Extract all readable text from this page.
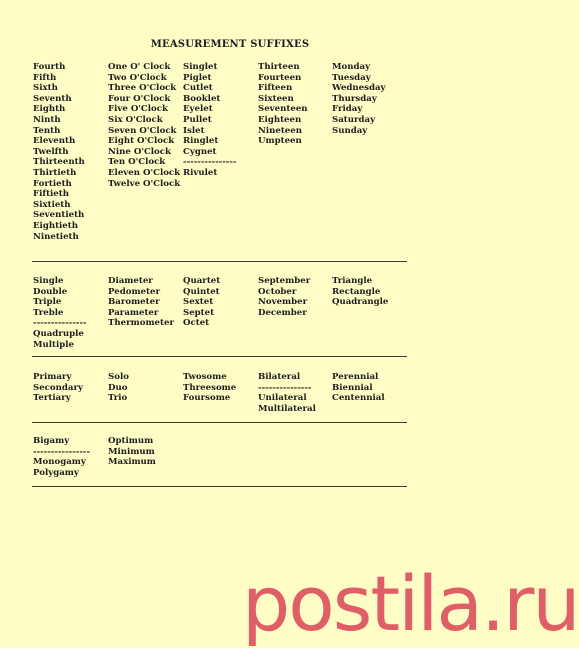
MEASUREMENT SUFFIXES
Fourth
Fifth
Sixth
Seventh
Eighth
Ninth
Tenth
Eleventh
Twelfth
Thirteenth
Thirtieth
Fortieth
Fiftieth
Sixtieth
Seventieth
Eightieth
Ninetieth
One O' Clock
Two O'Clock
Three O'Clock
Four O'Clock
Five O'Clock
Six O'Clock
Seven O'Clock
Eight O'Clock
Nine O'Clock
Ten O'Clock
Eleven O'Clock
Twelve O'Clock
Singlet
Piglet
Cutlet
Booklet
Eyelet
Pullet
Islet
Ringlet
Cygnet
---------------
Rivulet
Thirteen
Fourteen
Fifteen
Sixteen
Seventeen
Eighteen
Nineteen
Umpteen
Monday
Tuesday
Wednesday
Thursday
Friday
Saturday
Sunday
Single
Double
Triple
Treble
---------------
Quadruple
Multiple
Diameter
Pedometer
Barometer
Parameter
Thermometer
Quartet
Quintet
Sextet
Septet
Octet
September
October
November
December
Triangle
Rectangle
Quadrangle
Primary
Secondary
Tertiary
Solo
Duo
Trio
Twosome
Threesome
Foursome
Bilateral
---------------
Unilateral
Multilateral
Perennial
Biennial
Centennial
Bigamy
----------------
Monogamy
Polygamy
Optimum
Minimum
Maximum
postila.ru
